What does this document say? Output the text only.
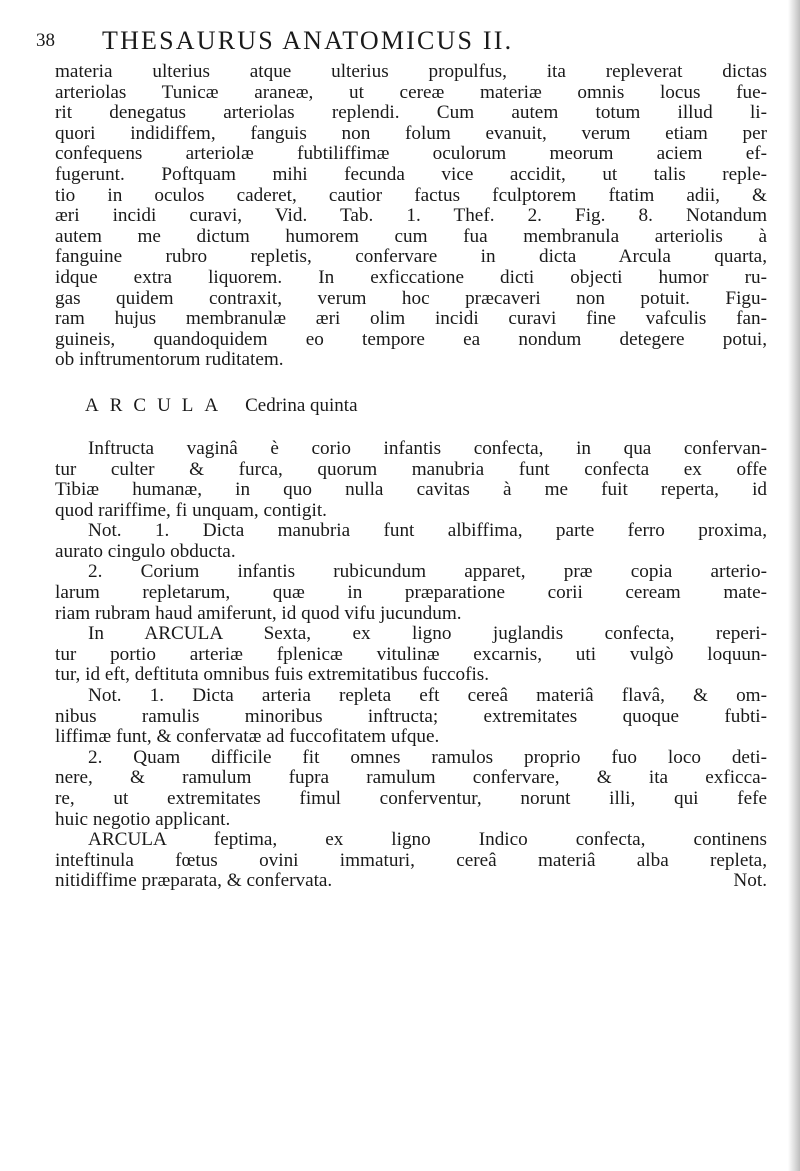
38 THESAURUS ANATOMICUS II.
materia ulterius atque ulterius propulfus, ita repleverat dictas
arteriolas Tunicæ araneæ, ut cereæ materiæ omnis locus fue-
rit denegatus arteriolas replendi. Cum autem totum illud li-
quori indidiffem, fanguis non folum evanuit, verum etiam per
confequens arteriolæ fubtiliffimæ oculorum meorum aciem ef-
fugerunt. Poftquam mihi fecunda vice accidit, ut talis reple-
tio in oculos caderet, cautior factus fculptorem ftatim adii, &
æri incidi curavi, Vid. Tab. 1. Thef. 2. Fig. 8. Notandum
autem me dictum humorem cum fua membranula arteriolis à
fanguine rubro repletis, confervare in dicta Arcula quarta,
idque extra liquorem. In exficcatione dicti objecti humor ru-
gas quidem contraxit, verum hoc præcaveri non potuit. Figu-
ram hujus membranulæ æri olim incidi curavi fine vafculis fan-
guineis, quandoquidem eo tempore ea nondum detegere potui,
ob inftrumentorum ruditatem.
ARCULA Cedrina quinta
Inftructa vaginâ è corio infantis confecta, in qua confervan-
tur culter & furca, quorum manubria funt confecta ex offe
Tibiæ humanæ, in quo nulla cavitas à me fuit reperta, id
quod rariffime, fi unquam, contigit.
Not. 1. Dicta manubria funt albiffima, parte ferro proxima,
aurato cingulo obducta.
2. Corium infantis rubicundum apparet, præ copia arterio-
larum repletarum, quæ in præparatione corii ceream mate-
riam rubram haud amiferunt, id quod vifu jucundum.
In ARCULA Sexta, ex ligno juglandis confecta, reperi-
tur portio arteriæ fplenicæ vitulinæ excarnis, uti vulgò loquun-
tur, id eft, deftituta omnibus fuis extremitatibus fuccofis.
Not. 1. Dicta arteria repleta eft cereâ materiâ flavâ, & om-
nibus ramulis minoribus inftructa; extremitates quoque fubti-
liffimæ funt, & confervatæ ad fuccofitatem ufque.
2. Quam difficile fit omnes ramulos proprio fuo loco deti-
nere, & ramulum fupra ramulum confervare, & ita exficca-
re, ut extremitates fimul conferventur, norunt illi, qui fefe
huic negotio applicant.
ARCULA feptima, ex ligno Indico confecta, continens
inteftinula fœtus ovini immaturi, cereâ materiâ alba repleta,
nitidiffime præparata, & confervata.	Not.
